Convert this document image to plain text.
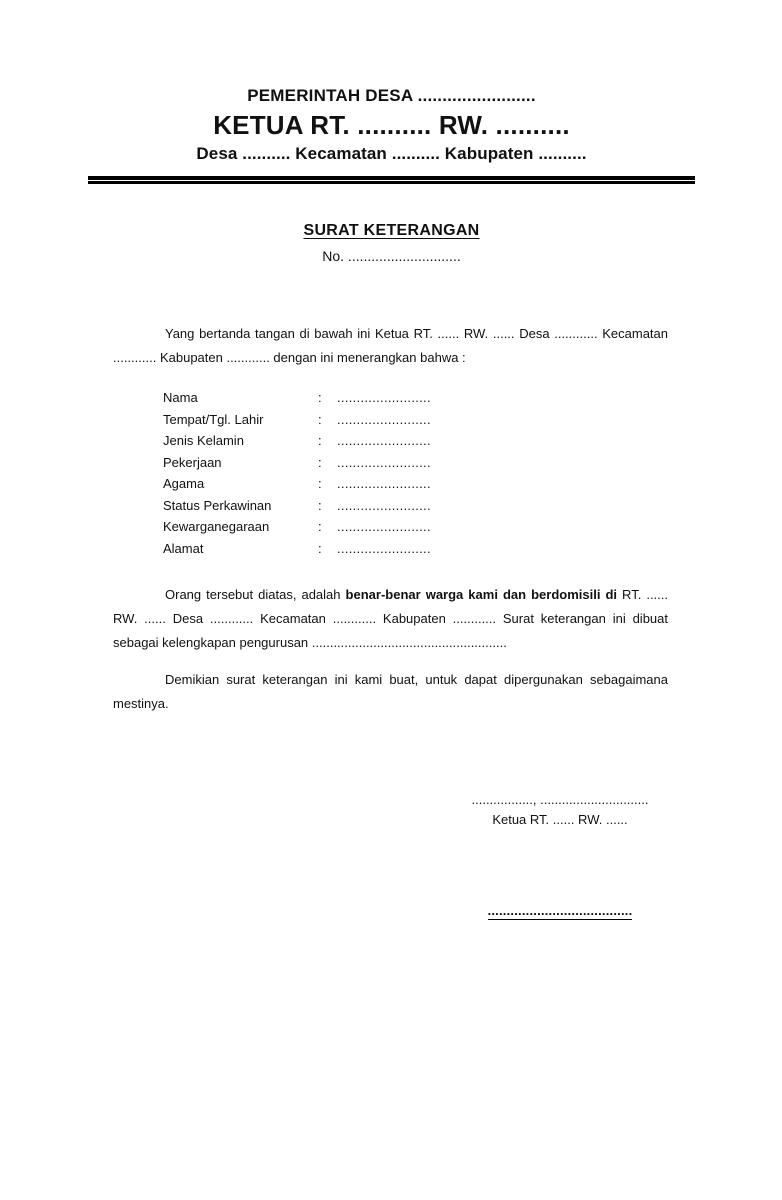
PEMERINTAH DESA ........................
KETUA RT. .......... RW. ..........
Desa .......... Kecamatan .......... Kabupaten ..........
SURAT KETERANGAN
No. .............................
Yang bertanda tangan di bawah ini Ketua RT. ...... RW. ...... Desa ............ Kecamatan ............ Kabupaten ............ dengan ini menerangkan bahwa :
Nama	:	........................
Tempat/Tgl. Lahir	:	........................
Jenis Kelamin	:	........................
Pekerjaan	:	........................
Agama	:	........................
Status Perkawinan	:	........................
Kewarganegaraan	:	........................
Alamat	:	........................
Orang tersebut diatas, adalah benar-benar warga kami dan berdomisili di RT. ...... RW. ...... Desa ............ Kecamatan ............ Kabupaten ............ Surat keterangan ini dibuat sebagai kelengkapan pengurusan ......................................................
Demikian surat keterangan ini kami buat, untuk dapat dipergunakan sebagaimana mestinya.
................., ..............................
Ketua RT. ...... RW. ......
......................................
